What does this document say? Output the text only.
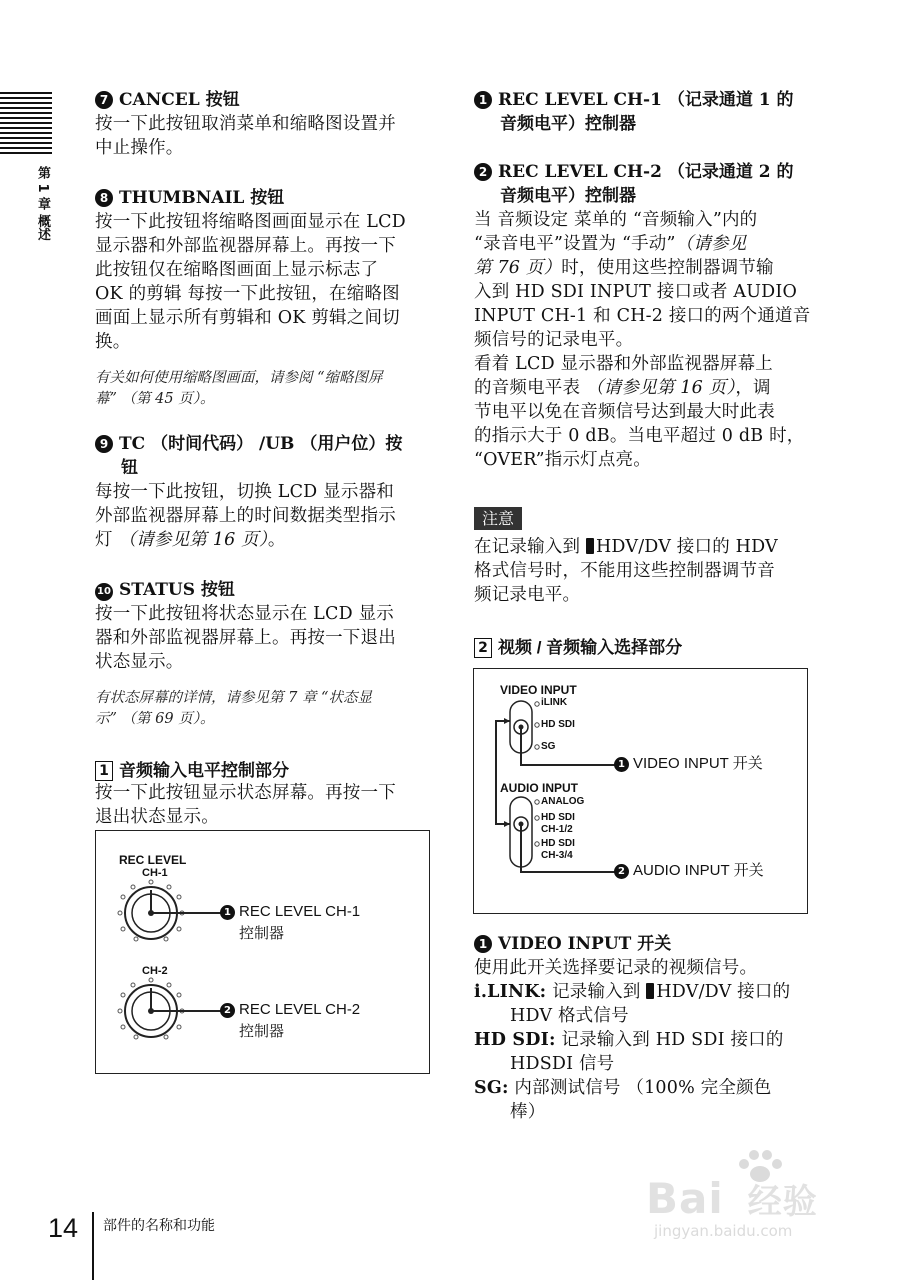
第 1 章 概述
7 CANCEL 按钮
按一下此按钮取消菜单和缩略图设置并
中止操作。
8 THUMBNAIL 按钮
按一下此按钮将缩略图画面显示在 LCD
显示器和外部监视器屏幕上。再按一下
此按钮仅在缩略图画面上显示标志了
OK 的剪辑 每按一下此按钮，在缩略图
画面上显示所有剪辑和 OK 剪辑之间切
换。
有关如何使用缩略图画面，请参阅 “缩略图屏
幕” （第 45 页）。
9 TC （时间代码） /UB （用户位）按
钮
每按一下此按钮，切换 LCD 显示器和
外部监视器屏幕上的时间数据类型指示
灯 （请参见第 16 页）。
10 STATUS 按钮
按一下此按钮将状态显示在 LCD 显示
器和外部监视器屏幕上。再按一下退出
状态显示。
有状态屏幕的详情，请参见第 7 章 “状态显
示” （第 69 页）。
1 音频输入电平控制部分
按一下此按钮显示状态屏幕。再按一下
退出状态显示。
REC LEVEL
CH-1
CH-2
1 REC LEVEL CH-1
控制器
2 REC LEVEL CH-2
控制器
1 REC LEVEL CH-1 （记录通道 1 的
音频电平）控制器
2 REC LEVEL CH-2 （记录通道 2 的
音频电平）控制器
当 音频设定 菜单的 “音频输入”内的
“录音电平”设置为 “手动”（请参见
第 76 页）时，使用这些控制器调节输
入到 HD SDI INPUT 接口或者 AUDIO
INPUT CH-1 和 CH-2 接口的两个通道音
频信号的记录电平。
看着 LCD 显示器和外部监视器屏幕上
的音频电平表 （请参见第 16 页），调
节电平以免在音频信号达到最大时此表
的指示大于 0 dB。当电平超过 0 dB 时，
“OVER”指示灯点亮。
注意
在记录输入到 HDV/DV 接口的 HDV
格式信号时，不能用这些控制器调节音
频记录电平。
2 视频 / 音频输入选择部分
VIDEO INPUT
iLINK
HD SDI
SG
AUDIO INPUT
ANALOG
HD SDI
CH-1/2
HD SDI
CH-3/4
1 VIDEO INPUT 开关
2 AUDIO INPUT 开关
1 VIDEO INPUT 开关
使用此开关选择要记录的视频信号。
i.LINK: 记录输入到 HDV/DV 接口的
HDV 格式信号
HD SDI: 记录输入到 HD SDI 接口的
HDSDI 信号
SG: 内部测试信号 （100% 完全颜色
棒）
Bai 经验
jingyan.baidu.com
14 部件的名称和功能
